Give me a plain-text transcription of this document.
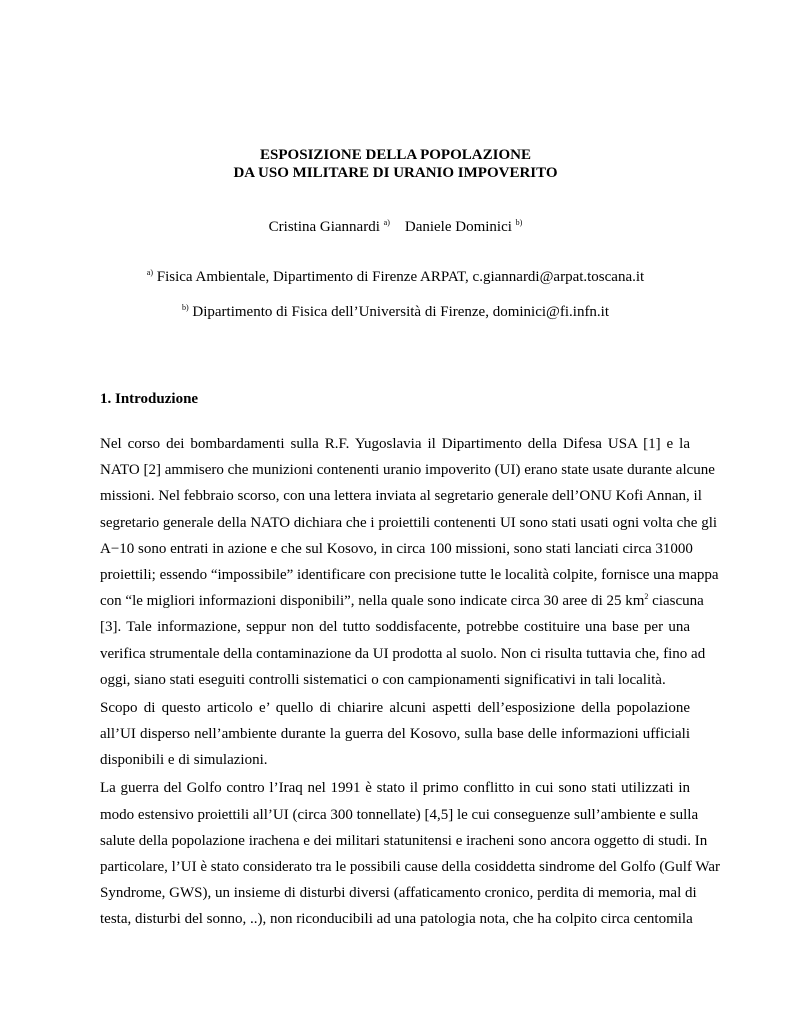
ESPOSIZIONE DELLA POPOLAZIONE
DA USO MILITARE DI URANIO IMPOVERITO
Cristina Giannardi $^{a)}$ Daniele Dominici $^{b)}$
$^{a)}$ Fisica Ambientale, Dipartimento di Firenze ARPAT, c.giannardi@arpat.toscana.it
$^{b)}$ Dipartimento di Fisica dell’Università di Firenze, dominici@fi.infn.it
1. Introduzione
Nel corso dei bombardamenti sulla R.F. Yugoslavia il Dipartimento della Difesa USA [1] e la
NATO [2] ammisero che munizioni contenenti uranio impoverito (UI) erano state usate durante alcune
missioni. Nel febbraio scorso, con una lettera inviata al segretario generale dell’ONU Kofi Annan, il
segretario generale della NATO dichiara che i proiettili contenenti UI sono stati usati ogni volta che gli
A−10 sono entrati in azione e che sul Kosovo, in circa 100 missioni, sono stati lanciati circa 31000
proiettili; essendo “impossibile” identificare con precisione tutte le località colpite, fornisce una mappa
con “le migliori informazioni disponibili”, nella quale sono indicate circa 30 aree di 25 $km^2$ ciascuna
[3]. Tale informazione, seppur non del tutto soddisfacente, potrebbe costituire una base per una
verifica strumentale della contaminazione da UI prodotta al suolo. Non ci risulta tuttavia che, fino ad
oggi, siano stati eseguiti controlli sistematici o con campionamenti significativi in tali località.
Scopo di questo articolo e’ quello di chiarire alcuni aspetti dell’esposizione della popolazione
all’UI disperso nell’ambiente durante la guerra del Kosovo, sulla base delle informazioni ufficiali
disponibili e di simulazioni.
La guerra del Golfo contro l’Iraq nel 1991 è stato il primo conflitto in cui sono stati utilizzati in
modo estensivo proiettili all’UI (circa 300 tonnellate) [4,5] le cui conseguenze sull’ambiente e sulla
salute della popolazione irachena e dei militari statunitensi e iracheni sono ancora oggetto di studi. In
particolare, l’UI è stato considerato tra le possibili cause della cosiddetta sindrome del Golfo (Gulf War
Syndrome, GWS), un insieme di disturbi diversi (affaticamento cronico, perdita di memoria, mal di
testa, disturbi del sonno, ..), non riconducibili ad una patologia nota, che ha colpito circa centomila
